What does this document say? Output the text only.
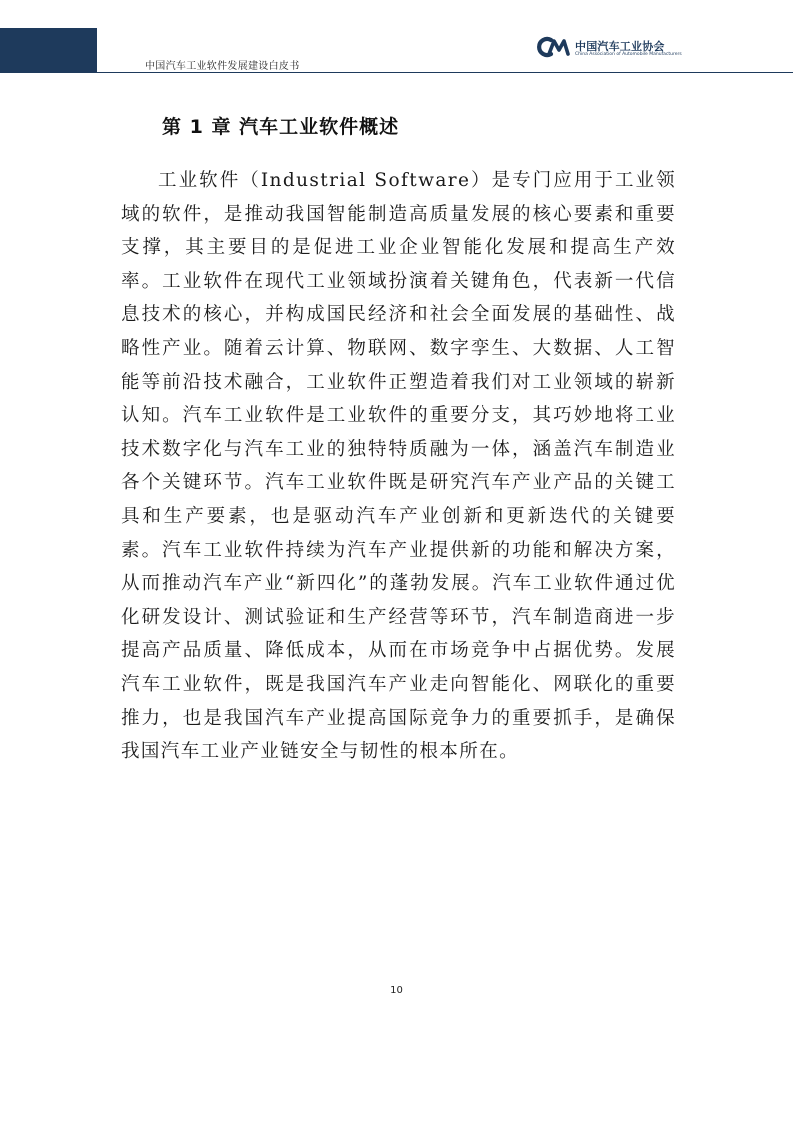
中国汽车工业软件发展建设白皮书
中国汽车工业协会
China Association of Automobile Manufacturers
第 1 章 汽车工业软件概述

工业软件（Industrial Software）是专门应用于工业领域的软件，是推动我国智能制造高质量发展的核心要素和重要支撑，其主要目的是促进工业企业智能化发展和提高生产效率。工业软件在现代工业领域扮演着关键角色，代表新一代信息技术的核心，并构成国民经济和社会全面发展的基础性、战略性产业。随着云计算、物联网、数字孪生、大数据、人工智能等前沿技术融合，工业软件正塑造着我们对工业领域的崭新认知。汽车工业软件是工业软件的重要分支，其巧妙地将工业技术数字化与汽车工业的独特特质融为一体，涵盖汽车制造业各个关键环节。汽车工业软件既是研究汽车产业产品的关键工具和生产要素，也是驱动汽车产业创新和更新迭代的关键要素。汽车工业软件持续为汽车产业提供新的功能和解决方案，从而推动汽车产业“新四化”的蓬勃发展。汽车工业软件通过优化研发设计、测试验证和生产经营等环节，汽车制造商进一步提高产品质量、降低成本，从而在市场竞争中占据优势。发展汽车工业软件，既是我国汽车产业走向智能化、网联化的重要推力，也是我国汽车产业提高国际竞争力的重要抓手，是确保我国汽车工业产业链安全与韧性的根本所在。

10
